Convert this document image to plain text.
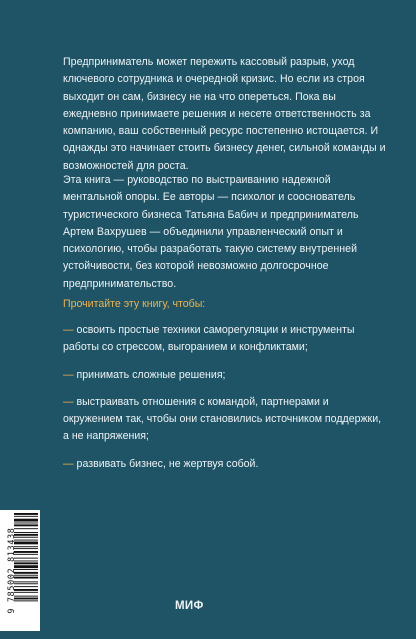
Предприниматель может пережить кассовый разрыв, уход ключевого сотрудника и очередной кризис. Но если из строя выходит он сам, бизнесу не на что опереться. Пока вы ежедневно принимаете решения и несете ответственность за компанию, ваш собственный ресурс постепенно истощается. И однажды это начинает стоить бизнесу денег, сильной команды и возможностей для роста.
Эта книга — руководство по выстраиванию надежной ментальной опоры. Ее авторы — психолог и сооснователь туристического бизнеса Татьяна Бабич и предприниматель Артем Вахрушев — объединили управленческий опыт и психологию, чтобы разработать такую систему внутренней устойчивости, без которой невозможно долгосрочное предпринимательство.
Прочитайте эту книгу, чтобы:
— освоить простые техники саморегуляции и инструменты работы со стрессом, выгоранием и конфликтами;
— принимать сложные решения;
— выстраивать отношения с командой, партнерами и окружением так, чтобы они становились источником поддержки, а не напряжения;
— развивать бизнес, не жертвуя собой.
9 785002 813438	МИФ
